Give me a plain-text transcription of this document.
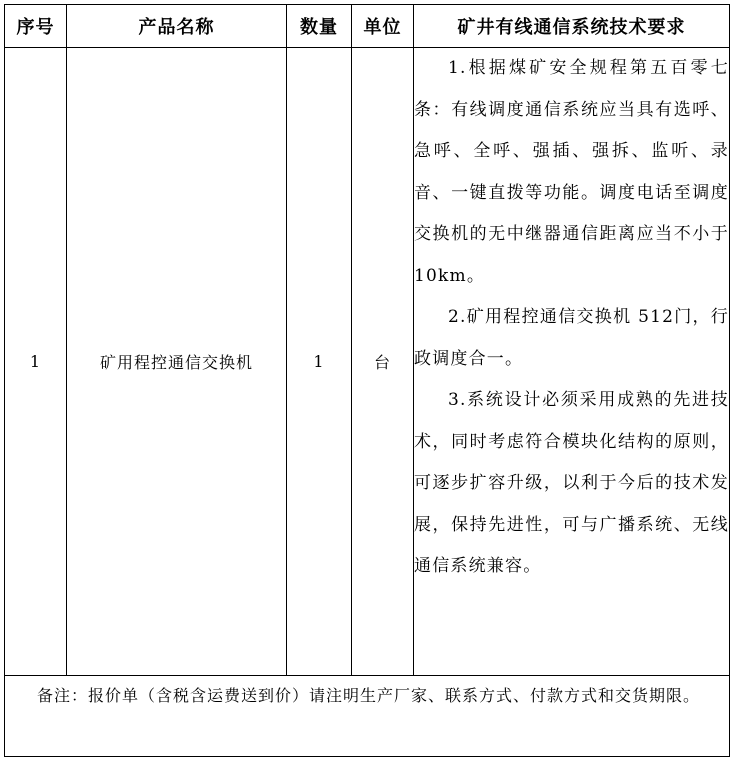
序号	产品名称	数量	单位	矿井有线通信系统技术要求
1	矿用程控通信交换机	1	台	1.根据煤矿安全规程第五百零七条：有线调度通信系统应当具有选呼、急呼、全呼、强插、强拆、监听、录音、一键直拨等功能。调度电话至调度交换机的无中继器通信距离应当不小于10km。

2.矿用程控通信交换机 512门，行政调度合一。

3.系统设计必须采用成熟的先进技术，同时考虑符合模块化结构的原则，可逐步扩容升级，以利于今后的技术发展，保持先进性，可与广播系统、无线通信系统兼容。

备注：报价单（含税含运费送到价）请注明生产厂家、联系方式、付款方式和交货期限。				
